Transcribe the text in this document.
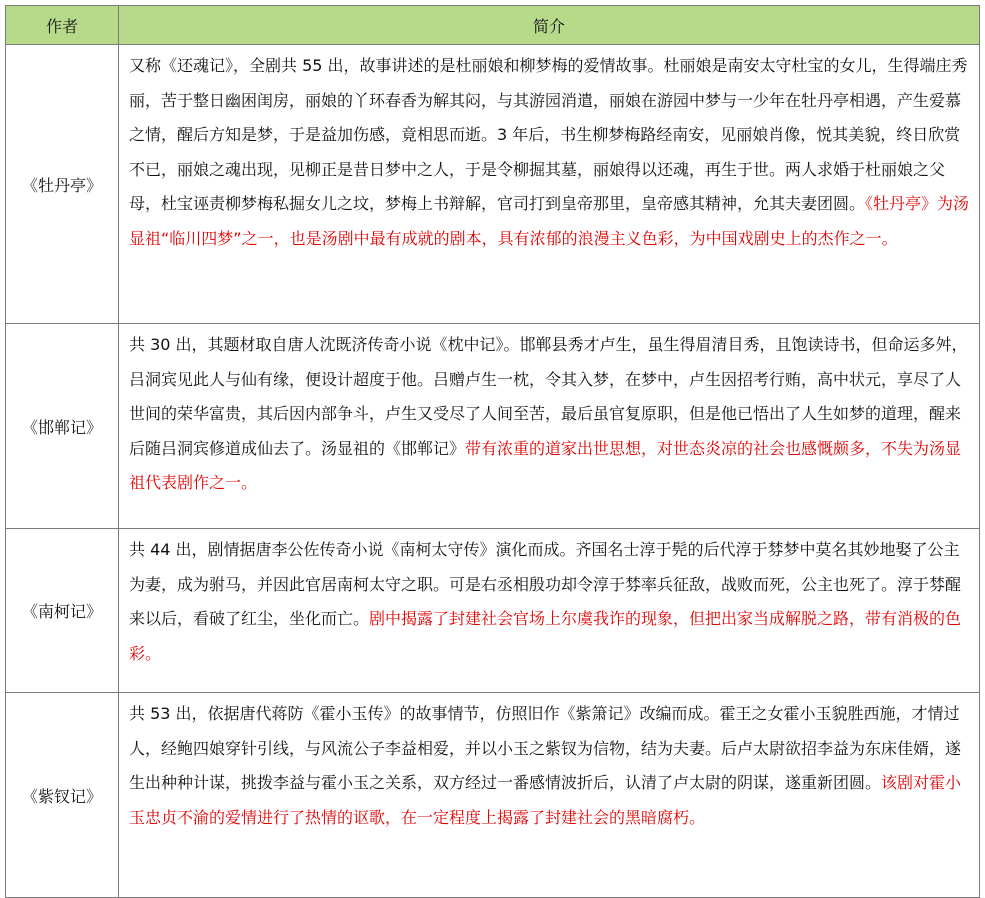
作者	简介
《牡丹亭》	又称《还魂记》，全剧共 55 出，故事讲述的是杜丽娘和柳梦梅的爱情故事。杜丽娘是南安太守杜宝的女儿，生得端庄秀丽，苦于整日幽困闺房，丽娘的丫环春香为解其闷，与其游园消遣，丽娘在游园中梦与一少年在牡丹亭相遇，产生爱慕之情，醒后方知是梦，于是益加伤感，竟相思而逝。3 年后，书生柳梦梅路经南安，见丽娘肖像，悦其美貌，终日欣赏不已，丽娘之魂出现，见柳正是昔日梦中之人，于是令柳掘其墓，丽娘得以还魂，再生于世。两人求婚于杜丽娘之父母，杜宝诬责柳梦梅私掘女儿之坟，梦梅上书辩解，官司打到皇帝那里，皇帝感其精神，允其夫妻团圆。《牡丹亭》为汤显祖“临川四梦”之一，也是汤剧中最有成就的剧本，具有浓郁的浪漫主义色彩，为中国戏剧史上的杰作之一。
《邯郸记》	共 30 出，其题材取自唐人沈既济传奇小说《枕中记》。邯郸县秀才卢生，虽生得眉清目秀，且饱读诗书，但命运多舛，吕洞宾见此人与仙有缘，便设计超度于他。吕赠卢生一枕，令其入梦，在梦中，卢生因招考行贿，高中状元，享尽了人世间的荣华富贵，其后因内部争斗，卢生又受尽了人间至苦，最后虽官复原职，但是他已悟出了人生如梦的道理，醒来后随吕洞宾修道成仙去了。汤显祖的《邯郸记》带有浓重的道家出世思想，对世态炎凉的社会也感慨颇多，不失为汤显祖代表剧作之一。
《南柯记》	共 44 出，剧情据唐李公佐传奇小说《南柯太守传》演化而成。齐国名士淳于髡的后代淳于棼梦中莫名其妙地娶了公主为妻，成为驸马，并因此官居南柯太守之职。可是右丞相殷功却令淳于棼率兵征敌，战败而死，公主也死了。淳于棼醒来以后，看破了红尘，坐化而亡。剧中揭露了封建社会官场上尔虞我诈的现象，但把出家当成解脱之路，带有消极的色彩。
《紫钗记》	共 53 出，依据唐代蒋防《霍小玉传》的故事情节，仿照旧作《紫箫记》改编而成。霍王之女霍小玉貌胜西施，才情过人，经鲍四娘穿针引线，与风流公子李益相爱，并以小玉之紫钗为信物，结为夫妻。后卢太尉欲招李益为东床佳婿，遂生出种种计谋，挑拨李益与霍小玉之关系，双方经过一番感情波折后，认清了卢太尉的阴谋，遂重新团圆。该剧对霍小玉忠贞不渝的爱情进行了热情的讴歌，在一定程度上揭露了封建社会的黑暗腐朽。
